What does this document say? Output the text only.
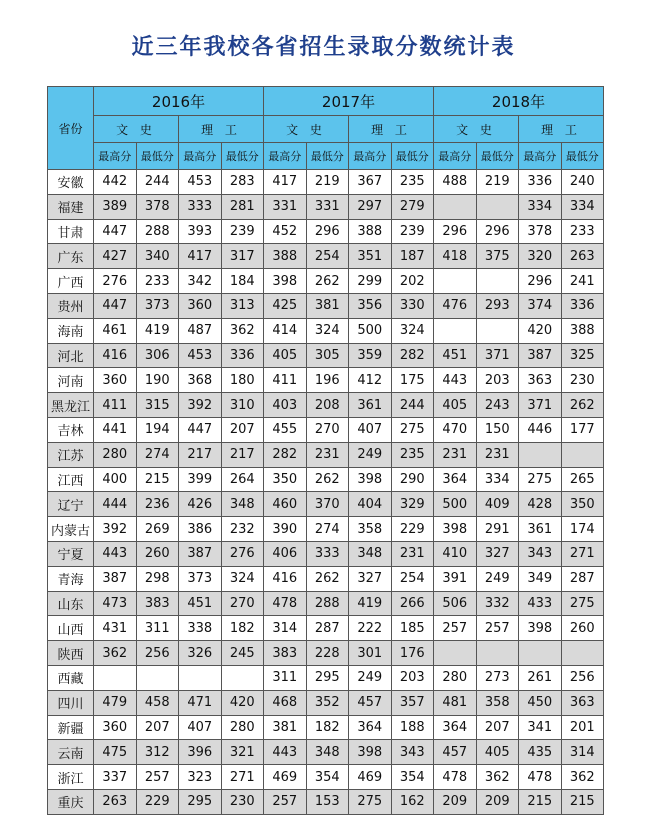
近三年我校各省招生录取分数统计表
省份	2016年				2017年				2018年			
	文 史		理 工		文 史		理 工		文 史		理 工	
	最高分	最低分	最高分	最低分	最高分	最低分	最高分	最低分	最高分	最低分	最高分	最低分
安徽	442	244	453	283	417	219	367	235	488	219	336	240
福建	389	378	333	281	331	331	297	279			334	334
甘肃	447	288	393	239	452	296	388	239	296	296	378	233
广东	427	340	417	317	388	254	351	187	418	375	320	263
广西	276	233	342	184	398	262	299	202			296	241
贵州	447	373	360	313	425	381	356	330	476	293	374	336
海南	461	419	487	362	414	324	500	324			420	388
河北	416	306	453	336	405	305	359	282	451	371	387	325
河南	360	190	368	180	411	196	412	175	443	203	363	230
黑龙江	411	315	392	310	403	208	361	244	405	243	371	262
吉林	441	194	447	207	455	270	407	275	470	150	446	177
江苏	280	274	217	217	282	231	249	235	231	231		
江西	400	215	399	264	350	262	398	290	364	334	275	265
辽宁	444	236	426	348	460	370	404	329	500	409	428	350
内蒙古	392	269	386	232	390	274	358	229	398	291	361	174
宁夏	443	260	387	276	406	333	348	231	410	327	343	271
青海	387	298	373	324	416	262	327	254	391	249	349	287
山东	473	383	451	270	478	288	419	266	506	332	433	275
山西	431	311	338	182	314	287	222	185	257	257	398	260
陕西	362	256	326	245	383	228	301	176				
西藏					311	295	249	203	280	273	261	256
四川	479	458	471	420	468	352	457	357	481	358	450	363
新疆	360	207	407	280	381	182	364	188	364	207	341	201
云南	475	312	396	321	443	348	398	343	457	405	435	314
浙江	337	257	323	271	469	354	469	354	478	362	478	362
重庆	263	229	295	230	257	153	275	162	209	209	215	215
